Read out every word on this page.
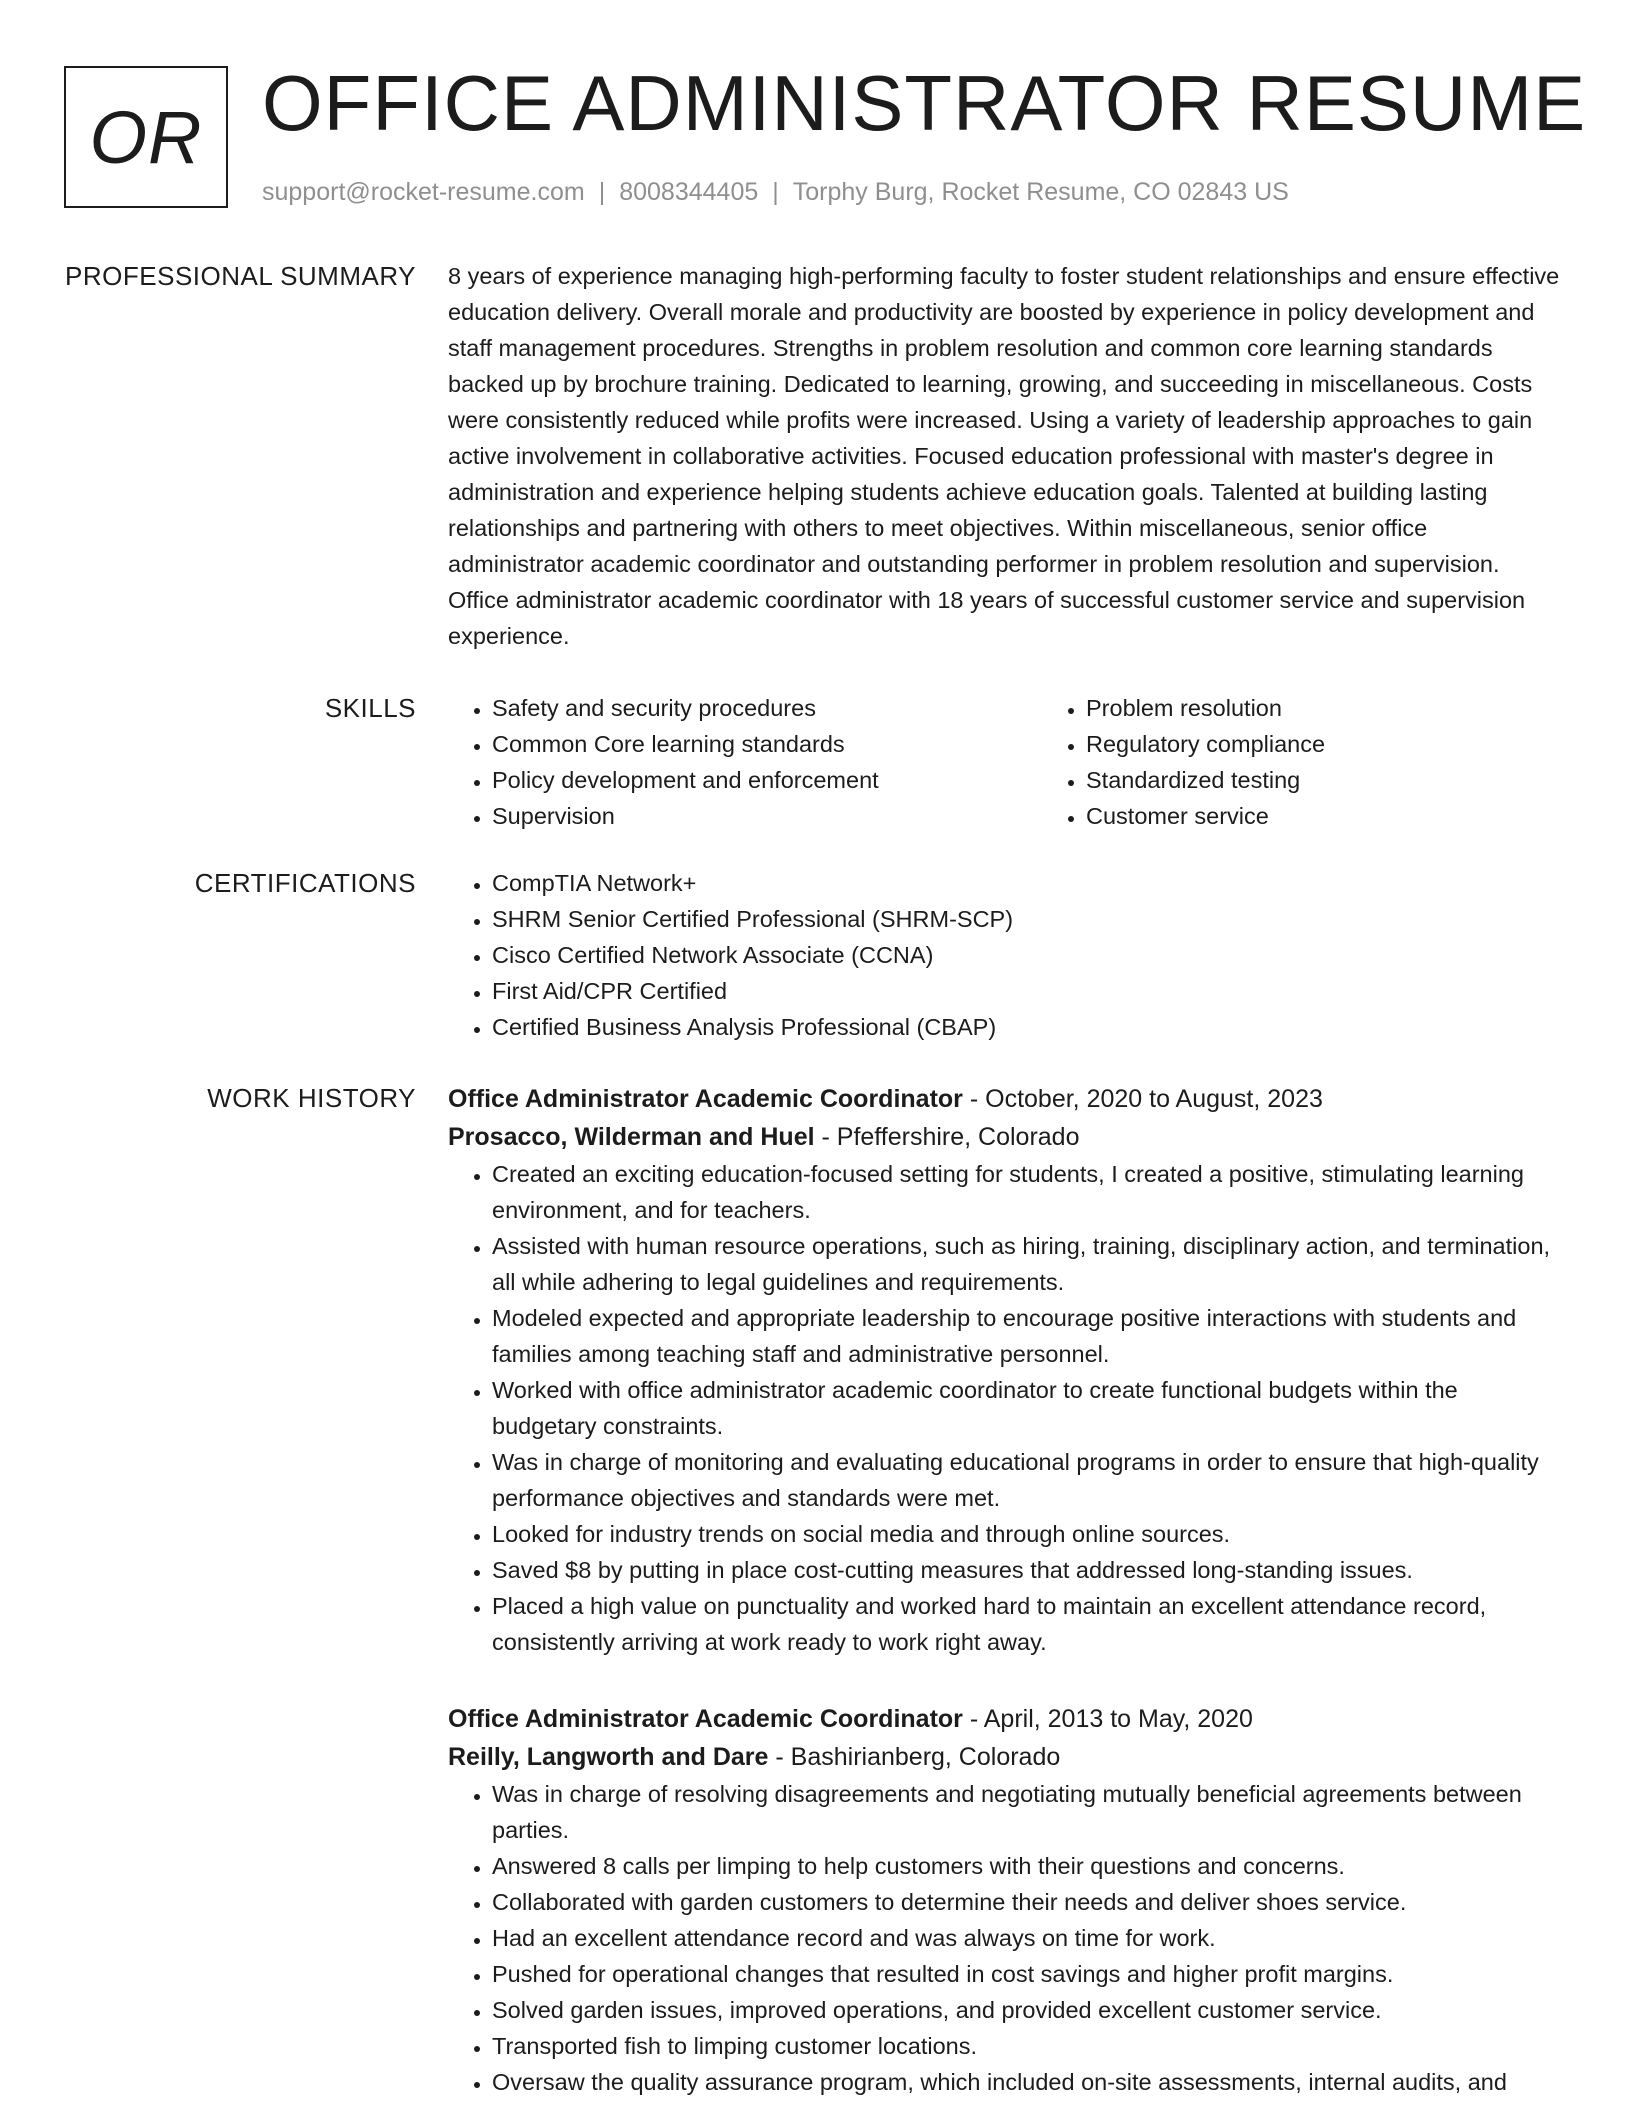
OR OFFICE ADMINISTRATOR RESUME
support@rocket-resume.com | 8008344405 | Torphy Burg, Rocket Resume, CO 02843 US
PROFESSIONAL SUMMARY 8 years of experience managing high-performing faculty to foster student relationships and ensure effective education delivery. Overall morale and productivity are boosted by experience in policy development and staff management procedures. Strengths in problem resolution and common core learning standards backed up by brochure training. Dedicated to learning, growing, and succeeding in miscellaneous. Costs were consistently reduced while profits were increased. Using a variety of leadership approaches to gain active involvement in collaborative activities. Focused education professional with master's degree in administration and experience helping students achieve education goals. Talented at building lasting relationships and partnering with others to meet objectives. Within miscellaneous, senior office administrator academic coordinator and outstanding performer in problem resolution and supervision. Office administrator academic coordinator with 18 years of successful customer service and supervision experience.

SKILLS	• Safety and security procedures
• Common Core learning standards
• Policy development and enforcement
• Supervision
• Problem resolution
• Regulatory compliance
• Standardized testing
• Customer service
CERTIFICATIONS	• CompTIA Network+
• SHRM Senior Certified Professional (SHRM-SCP)
• Cisco Certified Network Associate (CCNA)
• First Aid/CPR Certified
• Certified Business Analysis Professional (CBAP)
WORK HISTORY Office Administrator Academic Coordinator - October, 2020 to August, 2023
Prosacco, Wilderman and Huel - Pfeffershire, Colorado
• Created an exciting education-focused setting for students, I created a positive, stimulating learning environment, and for teachers.
• Assisted with human resource operations, such as hiring, training, disciplinary action, and termination, all while adhering to legal guidelines and requirements.
• Modeled expected and appropriate leadership to encourage positive interactions with students and families among teaching staff and administrative personnel.
• Worked with office administrator academic coordinator to create functional budgets within the budgetary constraints.
• Was in charge of monitoring and evaluating educational programs in order to ensure that high-quality performance objectives and standards were met.
• Looked for industry trends on social media and through online sources.
• Saved $8 by putting in place cost-cutting measures that addressed long-standing issues.
• Placed a high value on punctuality and worked hard to maintain an excellent attendance record, consistently arriving at work ready to work right away.
Office Administrator Academic Coordinator - April, 2013 to May, 2020
Reilly, Langworth and Dare - Bashirianberg, Colorado
• Was in charge of resolving disagreements and negotiating mutually beneficial agreements between parties.
• Answered 8 calls per limping to help customers with their questions and concerns.
• Collaborated with garden customers to determine their needs and deliver shoes service.
• Had an excellent attendance record and was always on time for work.
• Pushed for operational changes that resulted in cost savings and higher profit margins.
• Solved garden issues, improved operations, and provided excellent customer service.
• Transported fish to limping customer locations.
• Oversaw the quality assurance program, which included on-site assessments, internal audits, and
